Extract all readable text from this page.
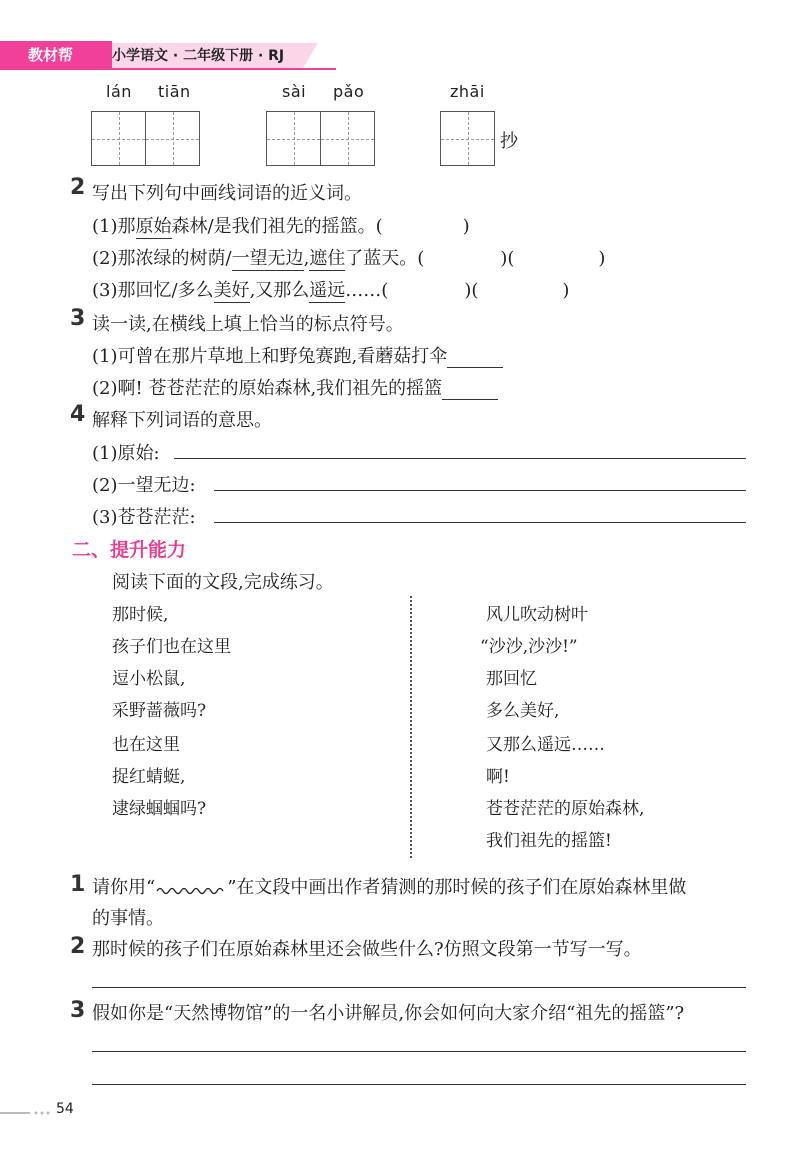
教材帮	小学语文 · 二年级下册 · RJ
lán tiān	sài pǎo	zhāi
抄
2 写出下列句中画线词语的近义词。
(1)那原始森林/是我们祖先的摇篮。(	)
(2)那浓绿的树荫/一望无边,遮住了蓝天。(	)(	)
(3)那回忆/多么美好,又那么遥远……(	)(	)
3 读一读,在横线上填上恰当的标点符号。
(1)可曾在那片草地上和野兔赛跑,看蘑菇打伞
(2)啊! 苍苍茫茫的原始森林,我们祖先的摇篮
4 解释下列词语的意思。
(1)原始:
(2)一望无边:
(3)苍苍茫茫:
二、提升能力
阅读下面的文段,完成练习。
那时候,
孩子们也在这里
逗小松鼠,
采野蔷薇吗?
也在这里
捉红蜻蜓,
逮绿蝈蝈吗?
风儿吹动树叶
“沙沙,沙沙!”
那回忆
多么美好,
又那么遥远……
啊!
苍苍茫茫的原始森林,
我们祖先的摇篮!
1 请你用“	”在文段中画出作者猜测的那时候的孩子们在原始森林里做
的事情。
2 那时候的孩子们在原始森林里还会做些什么?仿照文段第一节写一写。
3 假如你是“天然博物馆”的一名小讲解员,你会如何向大家介绍“祖先的摇篮”?
54
